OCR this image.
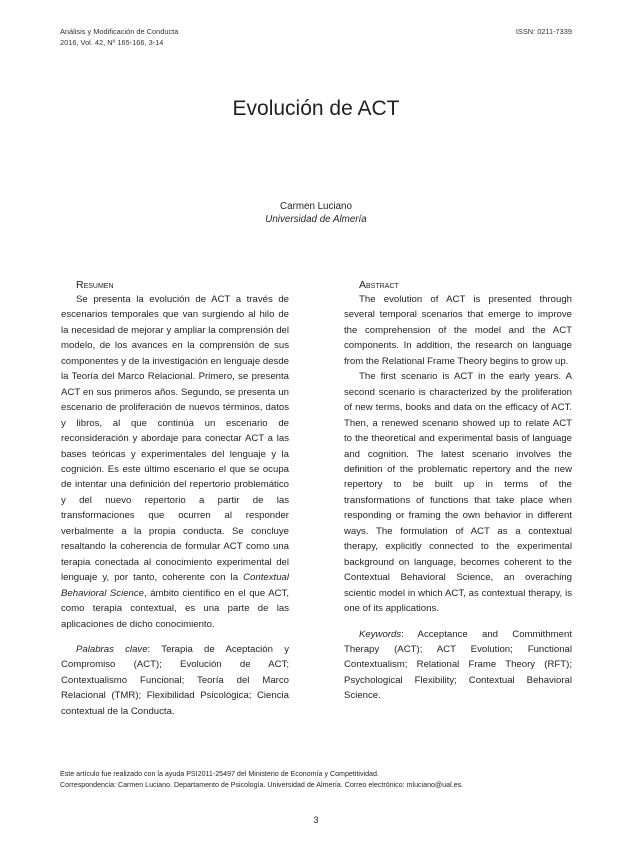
Análisis y Modificación de Conducta
2016, Vol. 42, Nº 165-166, 3-14
ISSN: 0211-7339
Evolución de ACT
Carmen Luciano
Universidad de Almería
Resumen

Se presenta la evolución de ACT a través de escenarios temporales que van surgiendo al hilo de la necesidad de mejorar y ampliar la comprensión del modelo, de los avances en la comprensión de sus componentes y de la investigación en lenguaje desde la Teoría del Marco Relacional. Primero, se presenta ACT en sus primeros años. Segundo, se presenta un escenario de proliferación de nuevos términos, datos y libros, al que continúa un escenario de reconsideración y abordaje para conectar ACT a las bases teóricas y experimentales del lenguaje y la cognición. Es este último escenario el que se ocupa de intentar una definición del repertorio problemático y del nuevo repertorio a partir de las transformaciones que ocurren al responder verbalmente a la propia conducta. Se concluye resaltando la coherencia de formular ACT como una terapia conectada al conocimiento experimental del lenguaje y, por tanto, coherente con la Contextual Behavioral Science, ámbito científico en el que ACT, como terapia contextual, es una parte de las aplicaciones de dicho conocimiento.

Palabras clave: Terapia de Aceptación y Compromiso (ACT); Evolución de ACT; Contextualismo Funcional; Teoría del Marco Relacional (TMR); Flexibilidad Psicológica; Ciencia contextual de la Conducta.

Abstract

The evolution of ACT is presented through several temporal scenarios that emerge to improve the comprehension of the model and the ACT components. In addition, the research on language from the Relational Frame Theory begins to grow up.

The first scenario is ACT in the early years. A second scenario is characterized by the proliferation of new terms, books and data on the efficacy of ACT. Then, a renewed scenario showed up to relate ACT to the theoretical and experimental basis of language and cognition. The latest scenario involves the definition of the problematic repertory and the new repertory to be built up in terms of the transformations of functions that take place when responding or framing the own behavior in different ways. The formulation of ACT as a contextual therapy, explicitly connected to the experimental background on language, becomes coherent to the Contextual Behavioral Science, an overaching scientic model in which ACT, as contextual therapy, is one of its applications.

Keywords: Acceptance and Commithment Therapy (ACT); ACT Evolution; Functional Contextualism; Relational Frame Theory (RFT); Psychological Flexibility; Contextual Behavioral Science.

Este artículo fue realizado con la ayuda PSI2011-25497 del Ministerio de Economía y Competitividad.
Correspondencia: Carmen Luciano. Departamento de Psicología. Universidad de Almería. Correo electrónico: mluciano@ual.es.
3
